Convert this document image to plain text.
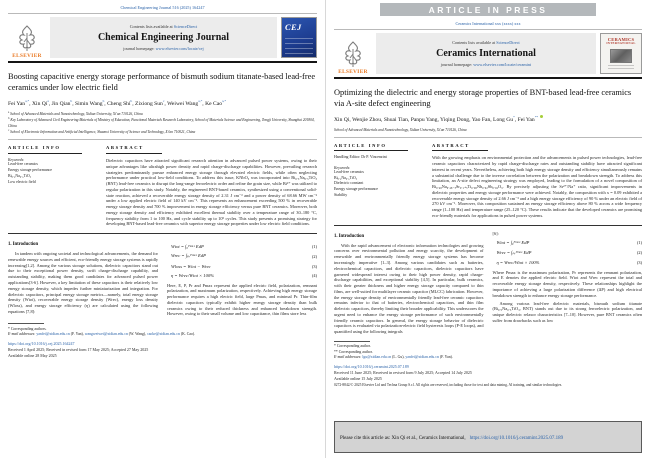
Chemical Engineering Journal 516 (2025) 164247
ELSEVIER
Contents lists available at ScienceDirect
Chemical Engineering Journal
journal homepage: www.elsevier.com/locate/cej
CEJ
Boosting capacitive energy storage performance of bismuth sodium titanate-based lead-free ceramics under low electric field
Fei Yan$^{a,*}$ , Xin Qi$^a$ , Jin Qian$^b$ , Simin Wang$^b$ , Cheng Shi$^b$ , Zixiong Sun$^c$ , Weiwei Wang$^{a,*}$ , Ke Cao$^{a,*}$
$^a$ School of Advanced Materials and Nanotechnology, Xidian University, Xi'an 710126, China
$^b$ Key Laboratory of Advanced Civil Engineering Materials of Ministry of Education, Functional Materials Research Laboratory, School of Materials Science and Engineering, Tongji University, Shanghai 201804, China
$^c$ School of Electronic Information and Artificial Intelligence, Shaanxi University of Science and Technology, Xi'an 710021, China
ARTICLE INFO
Keywords:
Lead-free ceramics
Energy storage performance
Bi₀.₅Na₀.₅TiO₃
Low electric field
ABSTRACT
Dielectric capacitors have attracted significant research attention in advanced pulsed power systems, owing to their unique advantages like ultrahigh power density and rapid charge-discharge capabilities. However, prevailing research strategies predominantly pursue enhanced energy storage through elevated electric fields, while often neglecting performance under practical low-field conditions. To address this issue, KNbO₃ was incorporated into Bi₀.₅Na₀.₅TiO₃ (BNT) lead-free ceramics to disrupt the long-range ferroelectric order and refine the grain size, while Bi³⁺ was utilized to regular polarization in this study. Notably, the engineered BNT-based ceramics, synthesized using a conventional solid-state reaction, achieved a recoverable energy storage density of 2.31 J cm⁻³ and a power density of 68.66 MW cm⁻³ under a low applied electric field of 140 kV cm⁻¹. This represents an enhancement exceeding 500 % in recoverable energy storage density and 700 % improvement in energy storage efficiency versus pure BNT ceramics. Moreover, both energy storage density and efficiency exhibited excellent thermal stability over a temperature range of 30–180 °C, frequency stability from 1 to 100 Hz, and cycle stability up to 10⁵ cycles. This study presents a promising strategy for developing BNT-based lead-free ceramics with superior energy storage properties under low electric field conditions.
1. Introduction
In tandem with ongoing societal and technological advancements, the demand for renewable energy sources and efficient, eco-friendly energy storage systems is rapidly increasing[1,2]. Among the various storage solutions, dielectric capacitors stand out due to their exceptional power density, swift charge-discharge capability, and outstanding stability, making them good candidates for advanced pulsed power applications[3-6]. However, a key limitation of these capacitors is their relatively low energy storage density, which impedes further miniaturization and integration. For dielectric capacitors, principal energy storage metrics—namely, total energy storage density (Wtot), recoverable energy storage density (Wrec), energy loss density (Wloss), and energy storage efficiency (η) are calculated using the following equations [7,8]:
Wtot = ∫₀ᴾᵐᵃˣ EdP	(1)
Wrec = ∫ₚᵣᴾᵐᵃˣ EdP	(2)
Wloss = Wtot − Wrec	(3)
η = Wrec/Wtot × 100%	(4)
Here, E, P, Pr and Pmax represent the applied electric field, polarization, remnant polarization, and maximum polarization, respectively. Achieving high energy storage performance requires a high electric field, large Pmax, and minimal Pr. Thin-film dielectric capacitors typically exhibit higher energy storage density than bulk ceramics owing to their reduced thickness and enhanced breakdown strength. However, owing to their small volume and low capacitance, thin films store less
* Corresponding authors.
E-mail addresses: yanfei@xidian.edu.cn (F. Yan), wangweiwei@xidian.edu.cn (W. Wang), caoke@xidian.edu.cn (K. Cao).
https://doi.org/10.1016/j.cej.2025.164247
Received 1 April 2025; Received in revised form 17 May 2025; Accepted 27 May 2025
Available online 28 May 2025
ARTICLE IN PRESS
Ceramics International xxx (xxxx) xxx
ELSEVIER
Contents lists available at ScienceDirect
Ceramics International
journal homepage: www.elsevier.com/locate/ceramint
CERAMICS
INTERNATIONAL
Optimizing the dielectric and energy storage properties of BNT-based lead-free ceramics via A-site defect engineering
Xin Qi , Wenjie Zhou , Shuai Tian , Panpu Yang , Yiqing Dong , Yao Fan , Long Gu* , Fei Yan**
School of Advanced Materials and Nanotechnology, Xidian University, Xi'an 710126, China
ARTICLE INFO
Handling Editor: Dr P. Vincenzini
Keywords:
Lead-free ceramics
Bi₀.₅Na₀.₅TiO₃
Dielectric constant
Energy storage performance
Stability
ABSTRACT
With the growing emphasis on environmental protection and the advancements in pulsed power technologies, lead-free ceramic capacitors characterized by rapid charge-discharge rates and outstanding stability have attracted significant interest in recent years. Nevertheless, achieving both high energy storage density and efficiency simultaneously remains a substantial challenge due to the inverse correlation between the polarization and breakdown strength. To address this limitation, an A-site defect engineering strategy was employed, leading to the formulation of a novel composition of Bi₀.₄₈Na₀.₄₈₋ₓSr₀.₁₊ₓTi₀.₉₈Nb₀.₀₂Sb₀.₀₂O₃. By precisely adjusting the Sr²⁺/Na⁺ ratio, significant improvements in dielectric properties and energy storage performance were achieved. Notably, the composition with x = 0.09 exhibited a recoverable energy storage density of 2.66 J cm⁻³ and a high energy storage efficiency of 90 % under an electric field of 270 kV cm⁻¹. Moreover, this composition sustained an energy storage efficiency above 80 % across a wide frequency range (1–100 Hz) and temperature range (25–120 °C). These results indicate that the developed ceramics are promising eco-friendly materials for applications in pulsed power systems.
1. Introduction
With the rapid advancement of electronic information technologies and growing concerns over environmental pollution and energy scarcity, the development of renewable and environmentally friendly energy storage systems has become increasingly imperative [1–3]. Among various candidates such as batteries, electrochemical capacitors, and dielectric capacitors, dielectric capacitors have garnered widespread interest owing to their high power density, rapid charge-discharge capabilities, and exceptional stability [4,5]. In particular, bulk ceramics, with their greater thickness and higher energy storage capacity compared to thin films, are well-suited for multilayer ceramic capacitor (MLCC) fabrication. However, the energy storage density of environmentally friendly lead-free ceramic capacitors remains inferior to that of batteries, electrochemical capacitors, and thin film dielectric capacitors, thereby limiting their broader applicability. This underscores the urgent need to enhance the energy storage performance of such environmentally friendly ceramic capacitors. In general, the energy storage behavior of dielectric capacitors is evaluated via polarization-electric field hysteresis loops (P-E loops), and quantified using the following integrals
[6]:
Wtot = ∫₀ᴾᵐᵃˣ EdP	(1)
Wrec = ∫ₚᵣᴾᵐᵃˣ EdP	(2)
η = Wrec/Wtot × 100%	(3)
Where Pmax is the maximum polarization, Pr represents the remnant polarization, and E denotes the applied electric field. Wtot and Wrec represent the total and recoverable energy storage density, respectively. These relationships highlight the importance of achieving a large polarization difference (ΔP) and high electrical breakdown strength to enhance energy storage performance.
Among various lead-free dielectric materials, bismuth sodium titanate (Bi₀.₅Na₀.₅TiO₃, BNT) stands out due to its strong ferroelectric polarization, and unique dielectric relaxor characteristics [7–10]. However, pure BNT ceramics often suffer from drawbacks such as low
* Corresponding author.
** Corresponding author.
E-mail addresses: lgu@xidian.edu.cn (L. Gu), yanfei@xidian.edu.cn (F. Yan).
https://doi.org/10.1016/j.ceramint.2025.07.189
Received 11 June 2025; Received in revised form 9 July 2025; Accepted 14 July 2025
Available online 15 July 2025
0272-8842/© 2025 Elsevier Ltd and Techna Group S.r.l. All rights are reserved, including those for text and data mining, AI training, and similar technologies.
Please cite this article as: Xin Qi et al., Ceramics International, https://doi.org/10.1016/j.ceramint.2025.07.189
